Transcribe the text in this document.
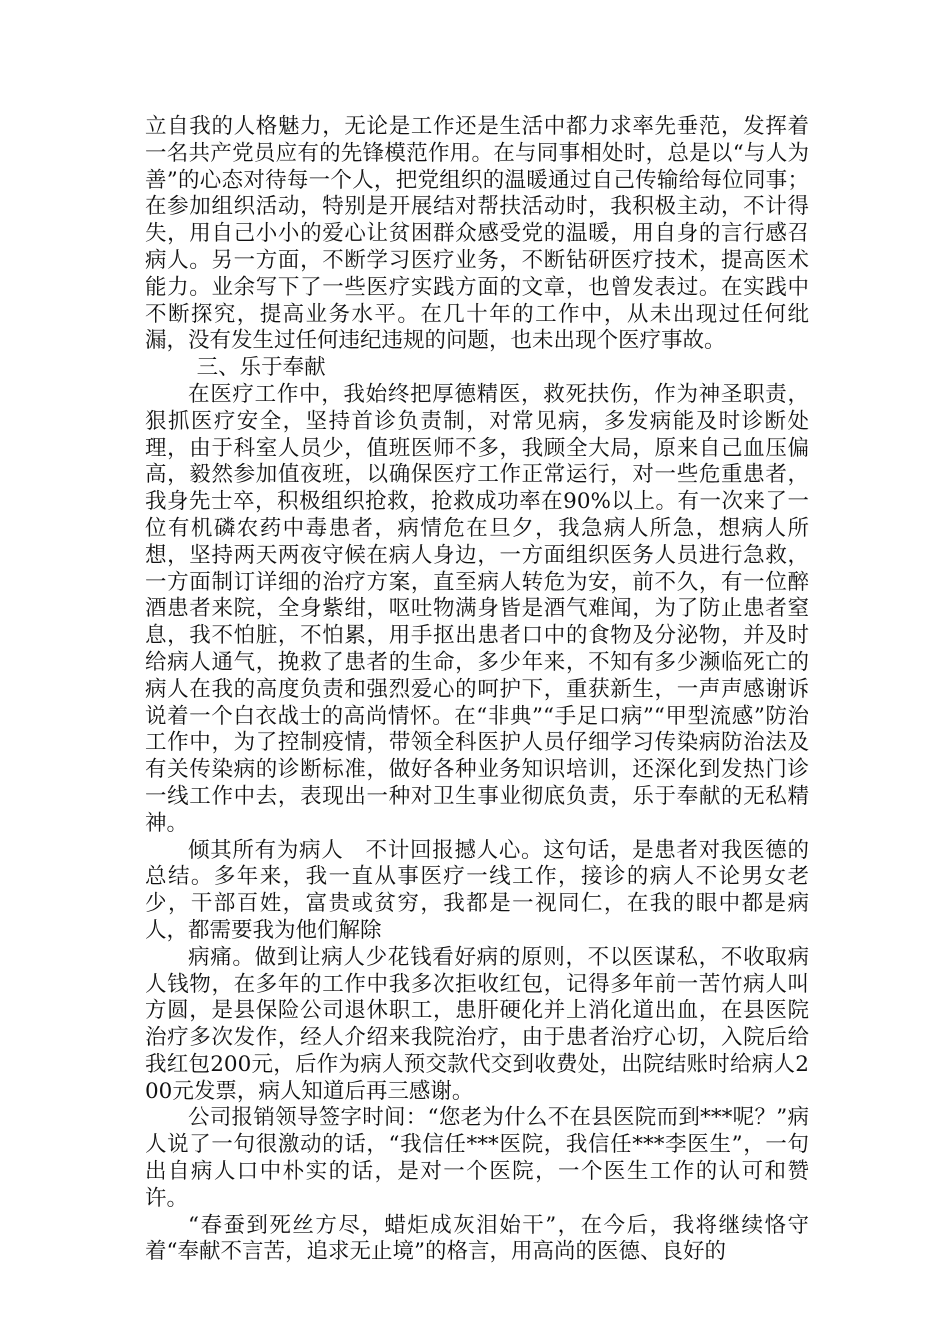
立自我的人格魅力，无论是工作还是生活中都力求率先垂范，发挥着一名共产党员应有的先锋模范作用。在与同事相处时，总是以“与人为善”的心态对待每一个人，把党组织的温暖通过自己传输给每位同事；在参加组织活动，特别是开展结对帮扶活动时，我积极主动，不计得失，用自己小小的爱心让贫困群众感受党的温暖，用自身的言行感召病人。另一方面，不断学习医疗业务，不断钻研医疗技术，提高医术能力。业余写下了一些医疗实践方面的文章，也曾发表过。在实践中不断探究，提高业务水平。在几十年的工作中，从未出现过任何纰漏，没有发生过任何违纪违规的问题，也未出现个医疗事故。

三、乐于奉献

在医疗工作中，我始终把厚德精医，救死扶伤，作为神圣职责，狠抓医疗安全，坚持首诊负责制，对常见病，多发病能及时诊断处理，由于科室人员少，值班医师不多，我顾全大局，原来自己血压偏高，毅然参加值夜班，以确保医疗工作正常运行，对一些危重患者，我身先士卒，积极组织抢救，抢救成功率在90%以上。有一次来了一位有机磷农药中毒患者，病情危在旦夕，我急病人所急，想病人所想，坚持两天两夜守候在病人身边，一方面组织医务人员进行急救，一方面制订详细的治疗方案，直至病人转危为安，前不久，有一位醉酒患者来院，全身紫绀，呕吐物满身皆是酒气难闻，为了防止患者窒息，我不怕脏，不怕累，用手抠出患者口中的食物及分泌物，并及时给病人通气，挽救了患者的生命，多少年来，不知有多少濒临死亡的病人在我的高度负责和强烈爱心的呵护下，重获新生，一声声感谢诉说着一个白衣战士的高尚情怀。在“非典”“手足口病”“甲型流感”防治工作中，为了控制疫情，带领全科医护人员仔细学习传染病防治法及有关传染病的诊断标准，做好各种业务知识培训，还深化到发热门诊一线工作中去，表现出一种对卫生事业彻底负责，乐于奉献的无私精神。

倾其所有为病人　不计回报撼人心。这句话，是患者对我医德的总结。多年来，我一直从事医疗一线工作，接诊的病人不论男女老少，干部百姓，富贵或贫穷，我都是一视同仁，在我的眼中都是病人，都需要我为他们解除

病痛。做到让病人少花钱看好病的原则，不以医谋私，不收取病人钱物，在多年的工作中我多次拒收红包，记得多年前一苦竹病人叫方圆，是县保险公司退休职工，患肝硬化并上消化道出血，在县医院治疗多次发作，经人介绍来我院治疗，由于患者治疗心切，入院后给我红包200元，后作为病人预交款代交到收费处，出院结账时给病人200元发票，病人知道后再三感谢。

公司报销领导签字时间：“您老为什么不在县医院而到***呢？”病人说了一句很激动的话，“我信任***医院，我信任***李医生”，一句出自病人口中朴实的话，是对一个医院，一个医生工作的认可和赞许。

“春蚕到死丝方尽，蜡炬成灰泪始干”，在今后，我将继续恪守着“奉献不言苦，追求无止境”的格言，用高尚的医德、良好的
